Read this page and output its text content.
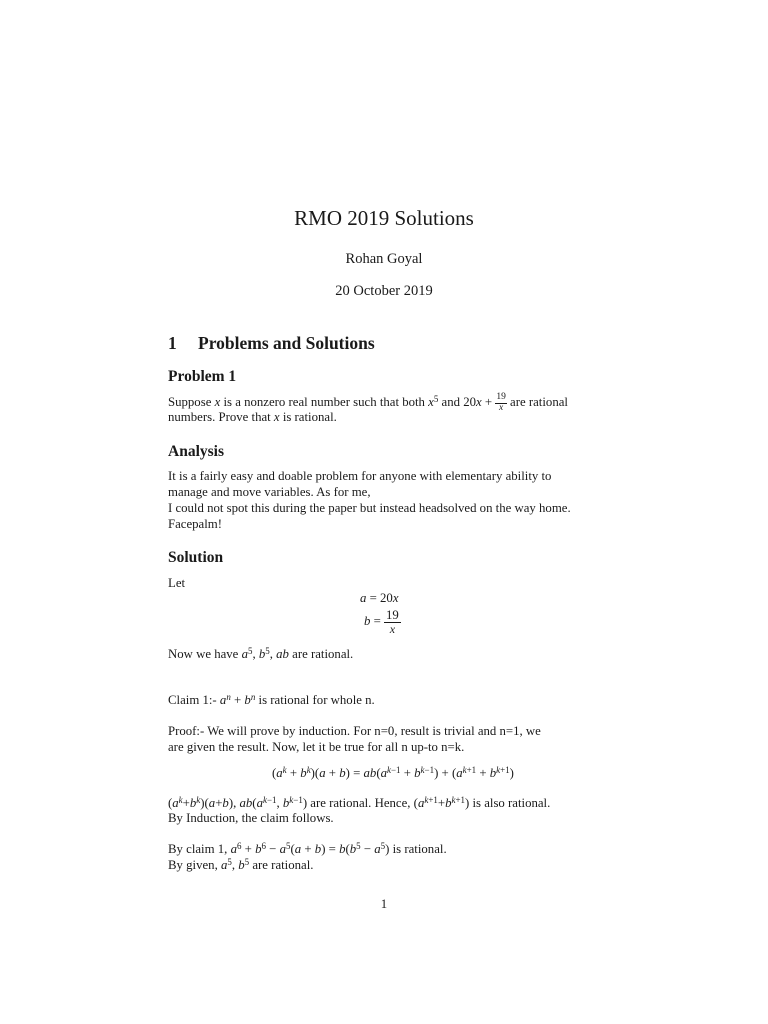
RMO 2019 Solutions
Rohan Goyal
20 October 2019
1 Problems and Solutions
Problem 1
Suppose x is a nonzero real number such that both $x^5$ and $20x + \frac{19}{x}$ are rational
numbers. Prove that x is rational.
Analysis
It is a fairly easy and doable problem for anyone with elementary ability to
manage and move variables. As for me,
I could not spot this during the paper but instead headsolved on the way home.
Facepalm!
Solution
Let
a = 20x
$b = \frac{19}{x}$
Now we have $a^5$, $b^5$, ab are rational.
Claim 1:- $a^n + b^n$ is rational for whole n.
Proof:- We will prove by induction. For n=0, result is trivial and n=1, we
are given the result. Now, let it be true for all n up-to n=k.
$(a^k + b^k)(a + b) = ab(a^{k-1} + b^{k-1}) + (a^{k+1} + b^{k+1})$
$(a^k+b^k)(a+b)$, $ab(a^{k-1}$, $b^{k-1}$) are rational. Hence, $(a^{k+1}+b^{k+1})$ is also rational.
By Induction, the claim follows.
By claim 1, $a^6 + b^6 - a^5(a + b) = b(b^5 - a^5)$ is rational.
By given, $a^5$, $b^5$ are rational.
1
